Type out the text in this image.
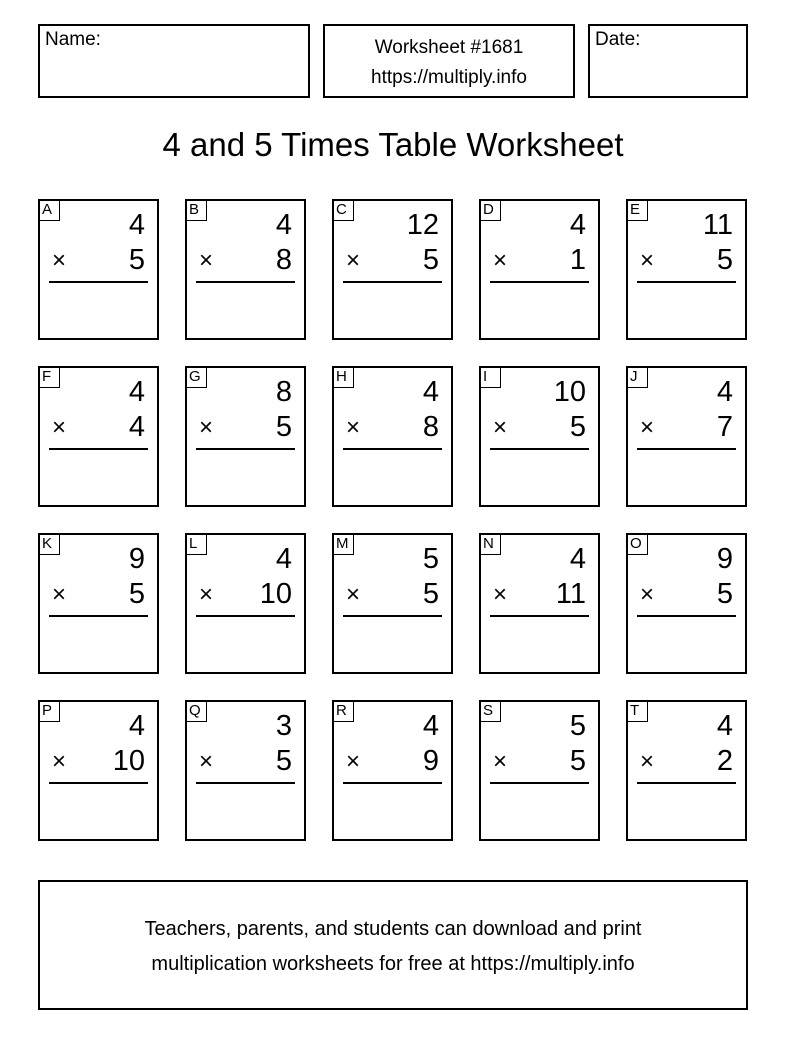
Name:	Worksheet #1681
https://multiply.info
Date:
4 and 5 Times Table Worksheet
A	4
× 5
B	4
× 8
C 12
× 5
D	4
× 1
E 11
× 5
F	4
× 4
G	8
× 5
H	4
× 8
I	10
× 5
J	4
× 7
K	9
× 5
L	4
× 10
M	5
× 5
N	4
× 11
O	9
× 5
P	4
× 10
Q	3
× 5
R	4
× 9
S	5
× 5
T	4
× 2
Teachers, parents, and students can download and print
multiplication worksheets for free at https://multiply.info
